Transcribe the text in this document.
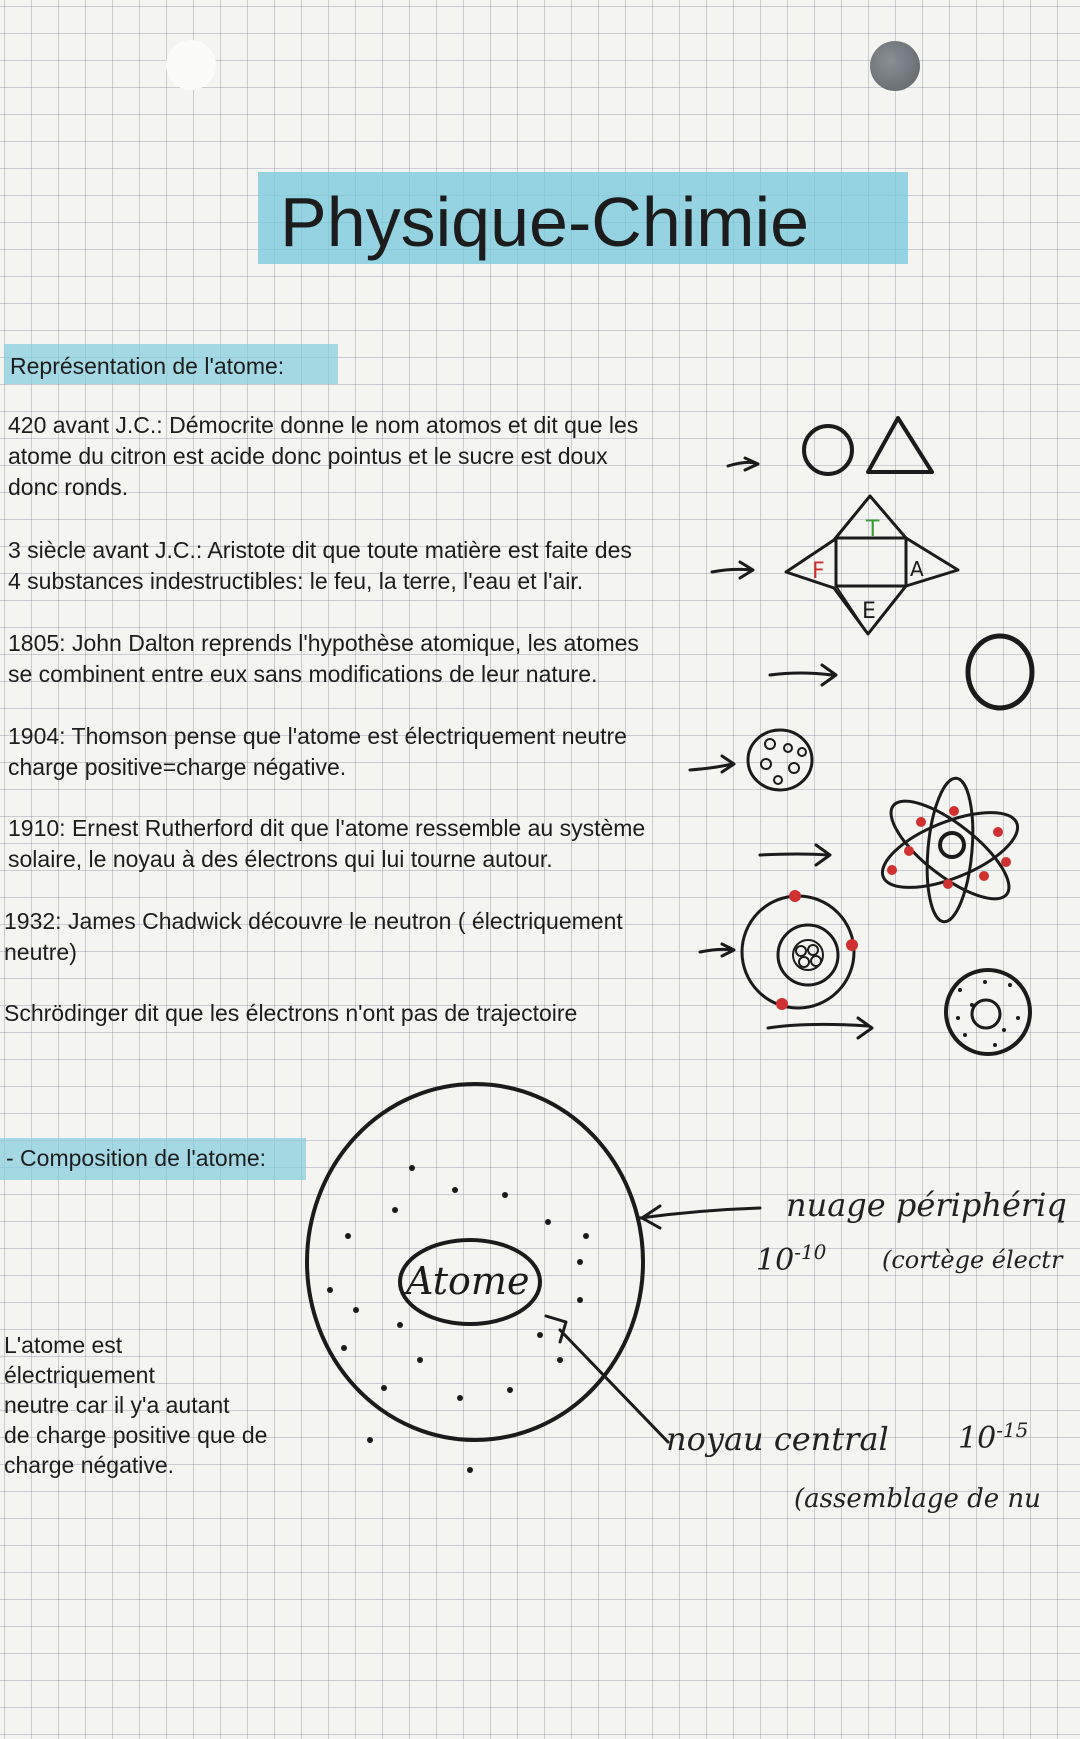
Physique-Chimie
Représentation de l'atome:
420 avant J.C.: Démocrite donne le nom atomos et dit que les
atome du citron est acide donc pointus et le sucre est doux
donc ronds.
3 siècle avant J.C.: Aristote dit que toute matière est faite des
4 substances indestructibles: le feu, la terre, l'eau et l'air.
1805: John Dalton reprends l'hypothèse atomique, les atomes
se combinent entre eux sans modifications de leur nature.
1904: Thomson pense que l'atome est électriquement neutre
charge positive=charge négative.
1910: Ernest Rutherford dit que l'atome ressemble au système
solaire, le noyau à des électrons qui lui tourne autour.
1932: James Chadwick découvre le neutron ( électriquement
neutre)
Schrödinger dit que les électrons n'ont pas de trajectoire
- Composition de l'atome:
L'atome est
électriquement
neutre car il y'a autant
de charge positive que de
charge négative.
F
T
A
E
Atome
nuage périphériq
$10^{-10}$ (cortège électr
noyau central $10^{-15}$
(assemblage de nu
